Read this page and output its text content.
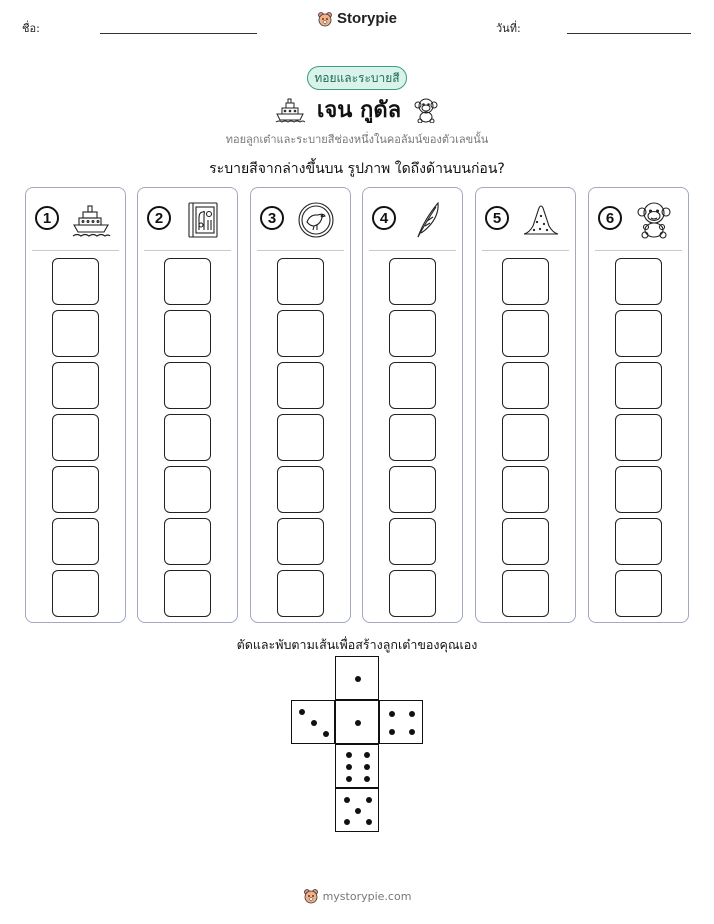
ชื่อ:
Storypie
วันที่:
ทอยและระบายสี
เจน กูดัล
ทอยลูกเต๋าและระบายสีช่องหนึ่งในคอลัมน์ของตัวเลขนั้น
ระบายสีจากล่างขึ้นบน รูปภาพ ใดถึงด้านบนก่อน?
1	2	3	4	5	6
ตัดและพับตามเส้นเพื่อสร้างลูกเต๋าของคุณเอง
mystorypie.com
